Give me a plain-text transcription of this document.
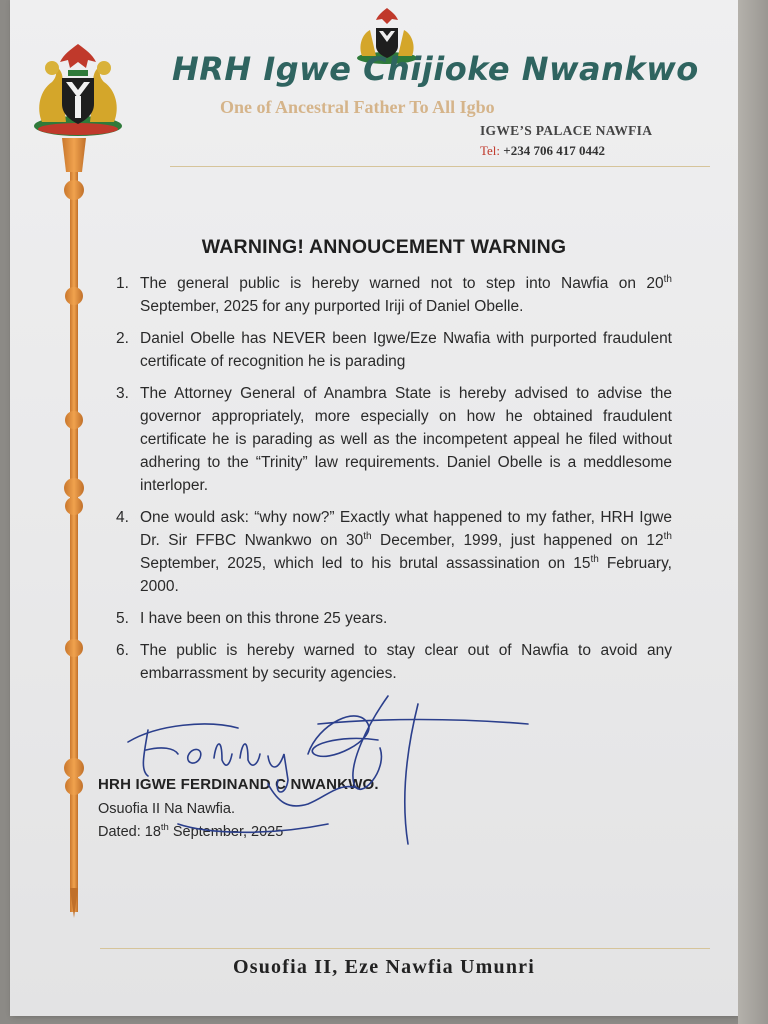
HRH Igwe Chijioke Nwankwo

One of Ancestral Father To All Igbo

IGWE’S PALACE NAWFIA

Tel: +234 706 417 0442

WARNING! ANNOUCEMENT WARNING
1. The general public is hereby warned not to step into Nawfia on 20th September, 2025 for any purported Iriji of Daniel Obelle.
2. Daniel Obelle has NEVER been Igwe/Eze Nwafia with purported fraudulent certificate of recognition he is parading
3. The Attorney General of Anambra State is hereby advised to advise the governor appropriately, more especially on how he obtained fraudulent certificate he is parading as well as the incompetent appeal he filed without adhering to the “Trinity” law requirements. Daniel Obelle is a meddlesome interloper.
4. One would ask: “why now?” Exactly what happened to my father, HRH Igwe Dr. Sir FFBC Nwankwo on 30th December, 1999, just happened on 12th September, 2025, which led to his brutal assassination on 15th February, 2000.
5. I have been on this throne 25 years.
6. The public is hereby warned to stay clear out of Nawfia to avoid any embarrassment by security agencies.

HRH IGWE FERDINAND C NWANKWO.

Osuofia II Na Nawfia.

Dated: 18th September, 2025

Osuofia II, Eze Nawfia Umunri
